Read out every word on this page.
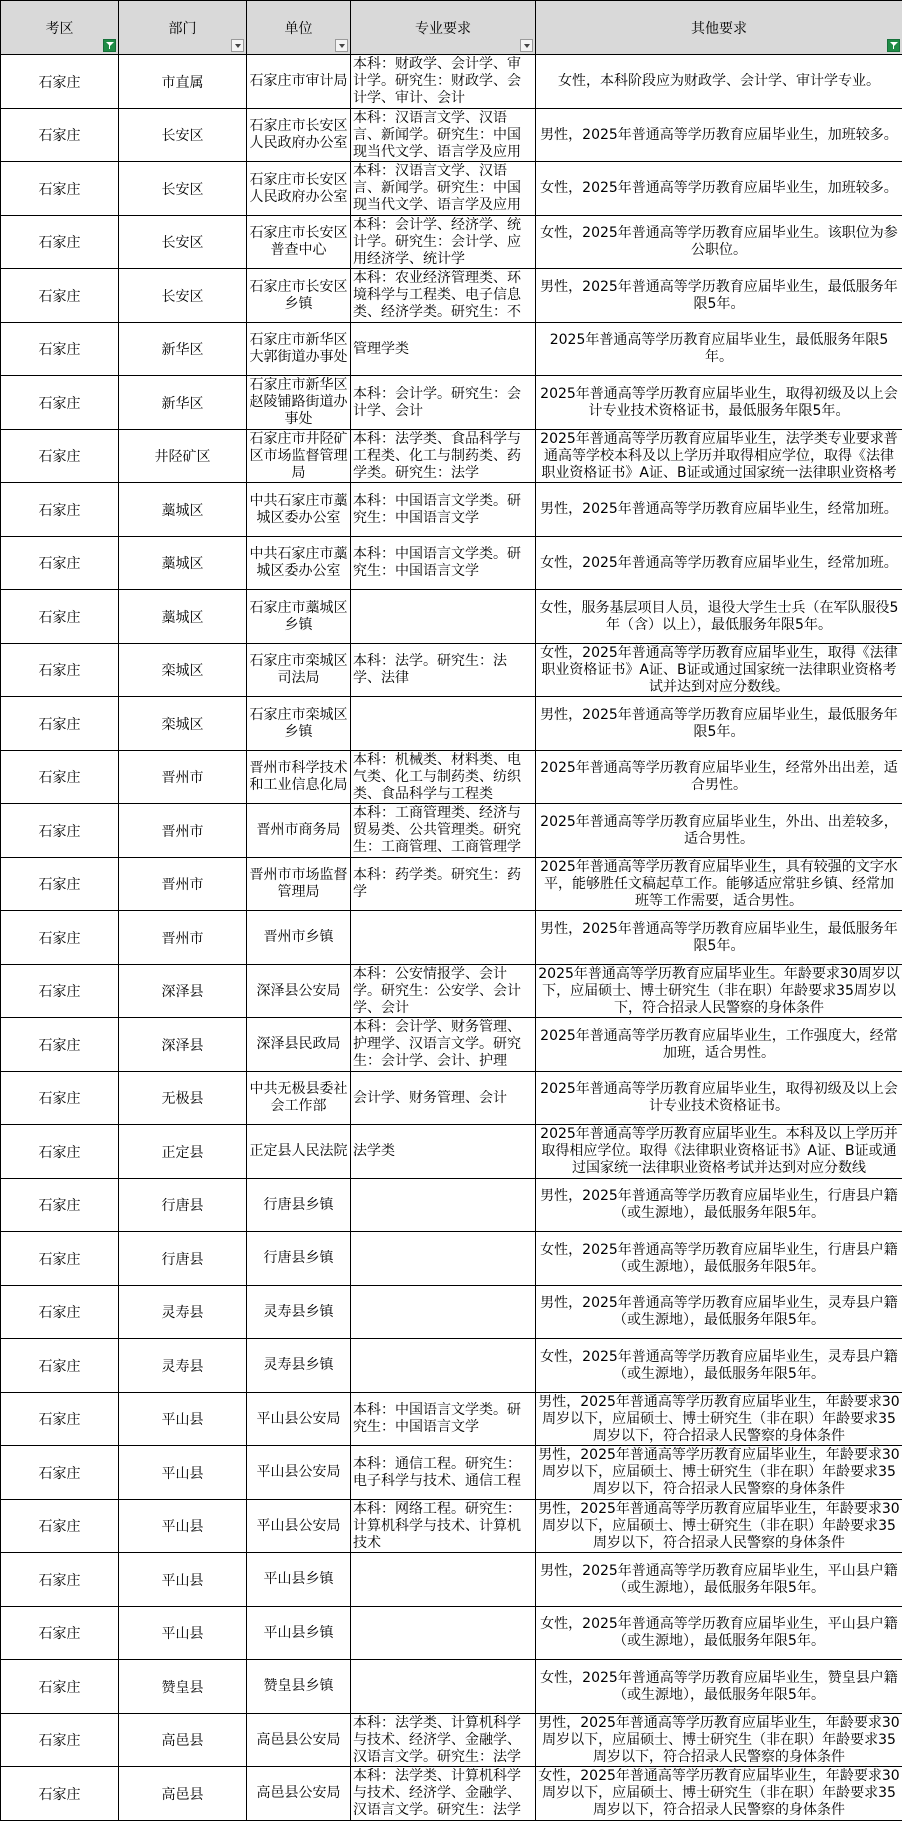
考区	部门	单位	专业要求	其他要求

石家庄	市直属	石家庄市审计局	本科：财政学、会计学、审计学。研究生：财政学、会计学、审计、会计	女性，本科阶段应为财政学、会计学、审计学专业。

石家庄	长安区	石家庄市长安区人民政府办公室	本科：汉语言文学、汉语言、新闻学。研究生：中国现当代文学、语言学及应用	男性，2025年普通高等学历教育应届毕业生，加班较多。

石家庄	长安区	石家庄市长安区人民政府办公室	本科：汉语言文学、汉语言、新闻学。研究生：中国现当代文学、语言学及应用	女性，2025年普通高等学历教育应届毕业生，加班较多。

石家庄	长安区	石家庄市长安区普查中心	本科：会计学、经济学、统计学。研究生：会计学、应用经济学、统计学	女性，2025年普通高等学历教育应届毕业生。该职位为参公职位。

石家庄	长安区	石家庄市长安区乡镇	本科：农业经济管理类、环境科学与工程类、电子信息类、经济学类。研究生：不	男性，2025年普通高等学历教育应届毕业生，最低服务年限5年。

石家庄	新华区	石家庄市新华区大郭街道办事处	管理学类	2025年普通高等学历教育应届毕业生，最低服务年限5年。

石家庄	新华区	石家庄市新华区赵陵铺路街道办事处	本科：会计学。研究生：会计学、会计	2025年普通高等学历教育应届毕业生，取得初级及以上会计专业技术资格证书，最低服务年限5年。

石家庄	井陉矿区	石家庄市井陉矿区市场监督管理局	本科：法学类、食品科学与工程类、化工与制药类、药学类。研究生：法学	2025年普通高等学历教育应届毕业生，法学类专业要求普通高等学校本科及以上学历并取得相应学位，取得《法律职业资格证书》A证、B证或通过国家统一法律职业资格考

石家庄	藁城区	中共石家庄市藁城区委办公室	本科：中国语言文学类。研究生：中国语言文学	男性，2025年普通高等学历教育应届毕业生，经常加班。

石家庄	藁城区	中共石家庄市藁城区委办公室	本科：中国语言文学类。研究生：中国语言文学	女性，2025年普通高等学历教育应届毕业生，经常加班。

石家庄	藁城区	石家庄市藁城区乡镇		女性，服务基层项目人员，退役大学生士兵（在军队服役5年（含）以上），最低服务年限5年。

石家庄	栾城区	石家庄市栾城区司法局	本科：法学。研究生：法学、法律	女性，2025年普通高等学历教育应届毕业生，取得《法律职业资格证书》A证、B证或通过国家统一法律职业资格考试并达到对应分数线。

石家庄	栾城区	石家庄市栾城区乡镇		男性，2025年普通高等学历教育应届毕业生，最低服务年限5年。

石家庄	晋州市	晋州市科学技术和工业信息化局	本科：机械类、材料类、电气类、化工与制药类、纺织类、食品科学与工程类	2025年普通高等学历教育应届毕业生，经常外出出差，适合男性。

石家庄	晋州市	晋州市商务局	本科：工商管理类、经济与贸易类、公共管理类。研究生：工商管理、工商管理学	2025年普通高等学历教育应届毕业生，外出、出差较多，适合男性。

石家庄	晋州市	晋州市市场监督管理局	本科：药学类。研究生：药学	2025年普通高等学历教育应届毕业生，具有较强的文字水平，能够胜任文稿起草工作。能够适应常驻乡镇、经常加班等工作需要，适合男性。

石家庄	晋州市	晋州市乡镇		男性，2025年普通高等学历教育应届毕业生，最低服务年限5年。

石家庄	深泽县	深泽县公安局	本科：公安情报学、会计学。研究生：公安学、会计学、会计	2025年普通高等学历教育应届毕业生。年龄要求30周岁以下，应届硕士、博士研究生（非在职）年龄要求35周岁以下，符合招录人民警察的身体条件

石家庄	深泽县	深泽县民政局	本科：会计学、财务管理、护理学、汉语言文学。研究生：会计学、会计、护理	2025年普通高等学历教育应届毕业生，工作强度大，经常加班，适合男性。

石家庄	无极县	中共无极县委社会工作部	会计学、财务管理、会计	2025年普通高等学历教育应届毕业生，取得初级及以上会计专业技术资格证书。

石家庄	正定县	正定县人民法院	法学类	2025年普通高等学历教育应届毕业生。本科及以上学历并取得相应学位。取得《法律职业资格证书》A证、B证或通过国家统一法律职业资格考试并达到对应分数线

石家庄	行唐县	行唐县乡镇		男性，2025年普通高等学历教育应届毕业生，行唐县户籍（或生源地），最低服务年限5年。

石家庄	行唐县	行唐县乡镇		女性，2025年普通高等学历教育应届毕业生，行唐县户籍（或生源地），最低服务年限5年。

石家庄	灵寿县	灵寿县乡镇		男性，2025年普通高等学历教育应届毕业生，灵寿县户籍（或生源地），最低服务年限5年。

石家庄	灵寿县	灵寿县乡镇		女性，2025年普通高等学历教育应届毕业生，灵寿县户籍（或生源地），最低服务年限5年。

石家庄	平山县	平山县公安局	本科：中国语言文学类。研究生：中国语言文学	男性，2025年普通高等学历教育应届毕业生，年龄要求30周岁以下，应届硕士、博士研究生（非在职）年龄要求35周岁以下，符合招录人民警察的身体条件

石家庄	平山县	平山县公安局	本科：通信工程。研究生：电子科学与技术、通信工程	男性，2025年普通高等学历教育应届毕业生，年龄要求30周岁以下，应届硕士、博士研究生（非在职）年龄要求35周岁以下，符合招录人民警察的身体条件

石家庄	平山县	平山县公安局	本科：网络工程。研究生：计算机科学与技术、计算机技术	男性，2025年普通高等学历教育应届毕业生，年龄要求30周岁以下，应届硕士、博士研究生（非在职）年龄要求35周岁以下，符合招录人民警察的身体条件

石家庄	平山县	平山县乡镇		男性，2025年普通高等学历教育应届毕业生，平山县户籍（或生源地），最低服务年限5年。

石家庄	平山县	平山县乡镇		女性，2025年普通高等学历教育应届毕业生，平山县户籍（或生源地），最低服务年限5年。

石家庄	赞皇县	赞皇县乡镇		女性，2025年普通高等学历教育应届毕业生，赞皇县户籍（或生源地），最低服务年限5年。

石家庄	高邑县	高邑县公安局	本科：法学类、计算机科学与技术、经济学、金融学、汉语言文学。研究生：法学	男性，2025年普通高等学历教育应届毕业生，年龄要求30周岁以下，应届硕士、博士研究生（非在职）年龄要求35周岁以下，符合招录人民警察的身体条件

石家庄	高邑县	高邑县公安局	本科：法学类、计算机科学与技术、经济学、金融学、汉语言文学。研究生：法学	女性，2025年普通高等学历教育应届毕业生，年龄要求30周岁以下，应届硕士、博士研究生（非在职）年龄要求35周岁以下，符合招录人民警察的身体条件
